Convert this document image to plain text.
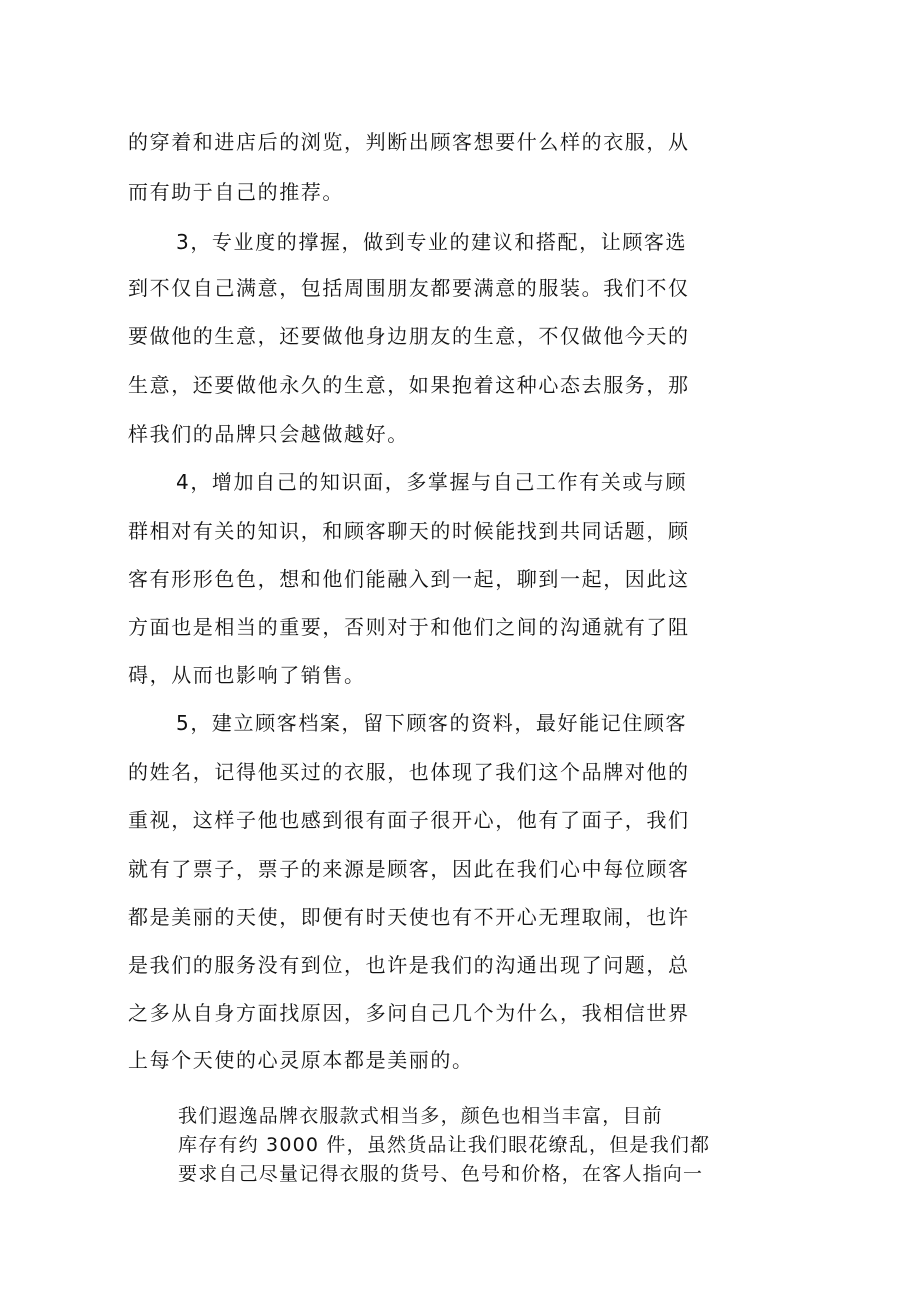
的穿着和进店后的浏览，判断出顾客想要什么样的衣服，从
而有助于自己的推荐。
3，专业度的撑握，做到专业的建议和搭配，让顾客选
到不仅自己满意，包括周围朋友都要满意的服装。我们不仅
要做他的生意，还要做他身边朋友的生意，不仅做他今天的
生意，还要做他永久的生意，如果抱着这种心态去服务，那
样我们的品牌只会越做越好。
4，增加自己的知识面，多掌握与自己工作有关或与顾
群相对有关的知识，和顾客聊天的时候能找到共同话题，顾
客有形形色色，想和他们能融入到一起，聊到一起，因此这
方面也是相当的重要，否则对于和他们之间的沟通就有了阻
碍，从而也影响了销售。
5，建立顾客档案，留下顾客的资料，最好能记住顾客
的姓名，记得他买过的衣服，也体现了我们这个品牌对他的
重视，这样子他也感到很有面子很开心，他有了面子，我们
就有了票子，票子的来源是顾客，因此在我们心中每位顾客
都是美丽的天使，即便有时天使也有不开心无理取闹，也许
是我们的服务没有到位，也许是我们的沟通出现了问题，总
之多从自身方面找原因，多问自己几个为什么，我相信世界
上每个天使的心灵原本都是美丽的。
我们遐逸品牌衣服款式相当多，颜色也相当丰富，目前
库存有约 3000 件，虽然货品让我们眼花缭乱，但是我们都
要求自己尽量记得衣服的货号、色号和价格，在客人指向一
